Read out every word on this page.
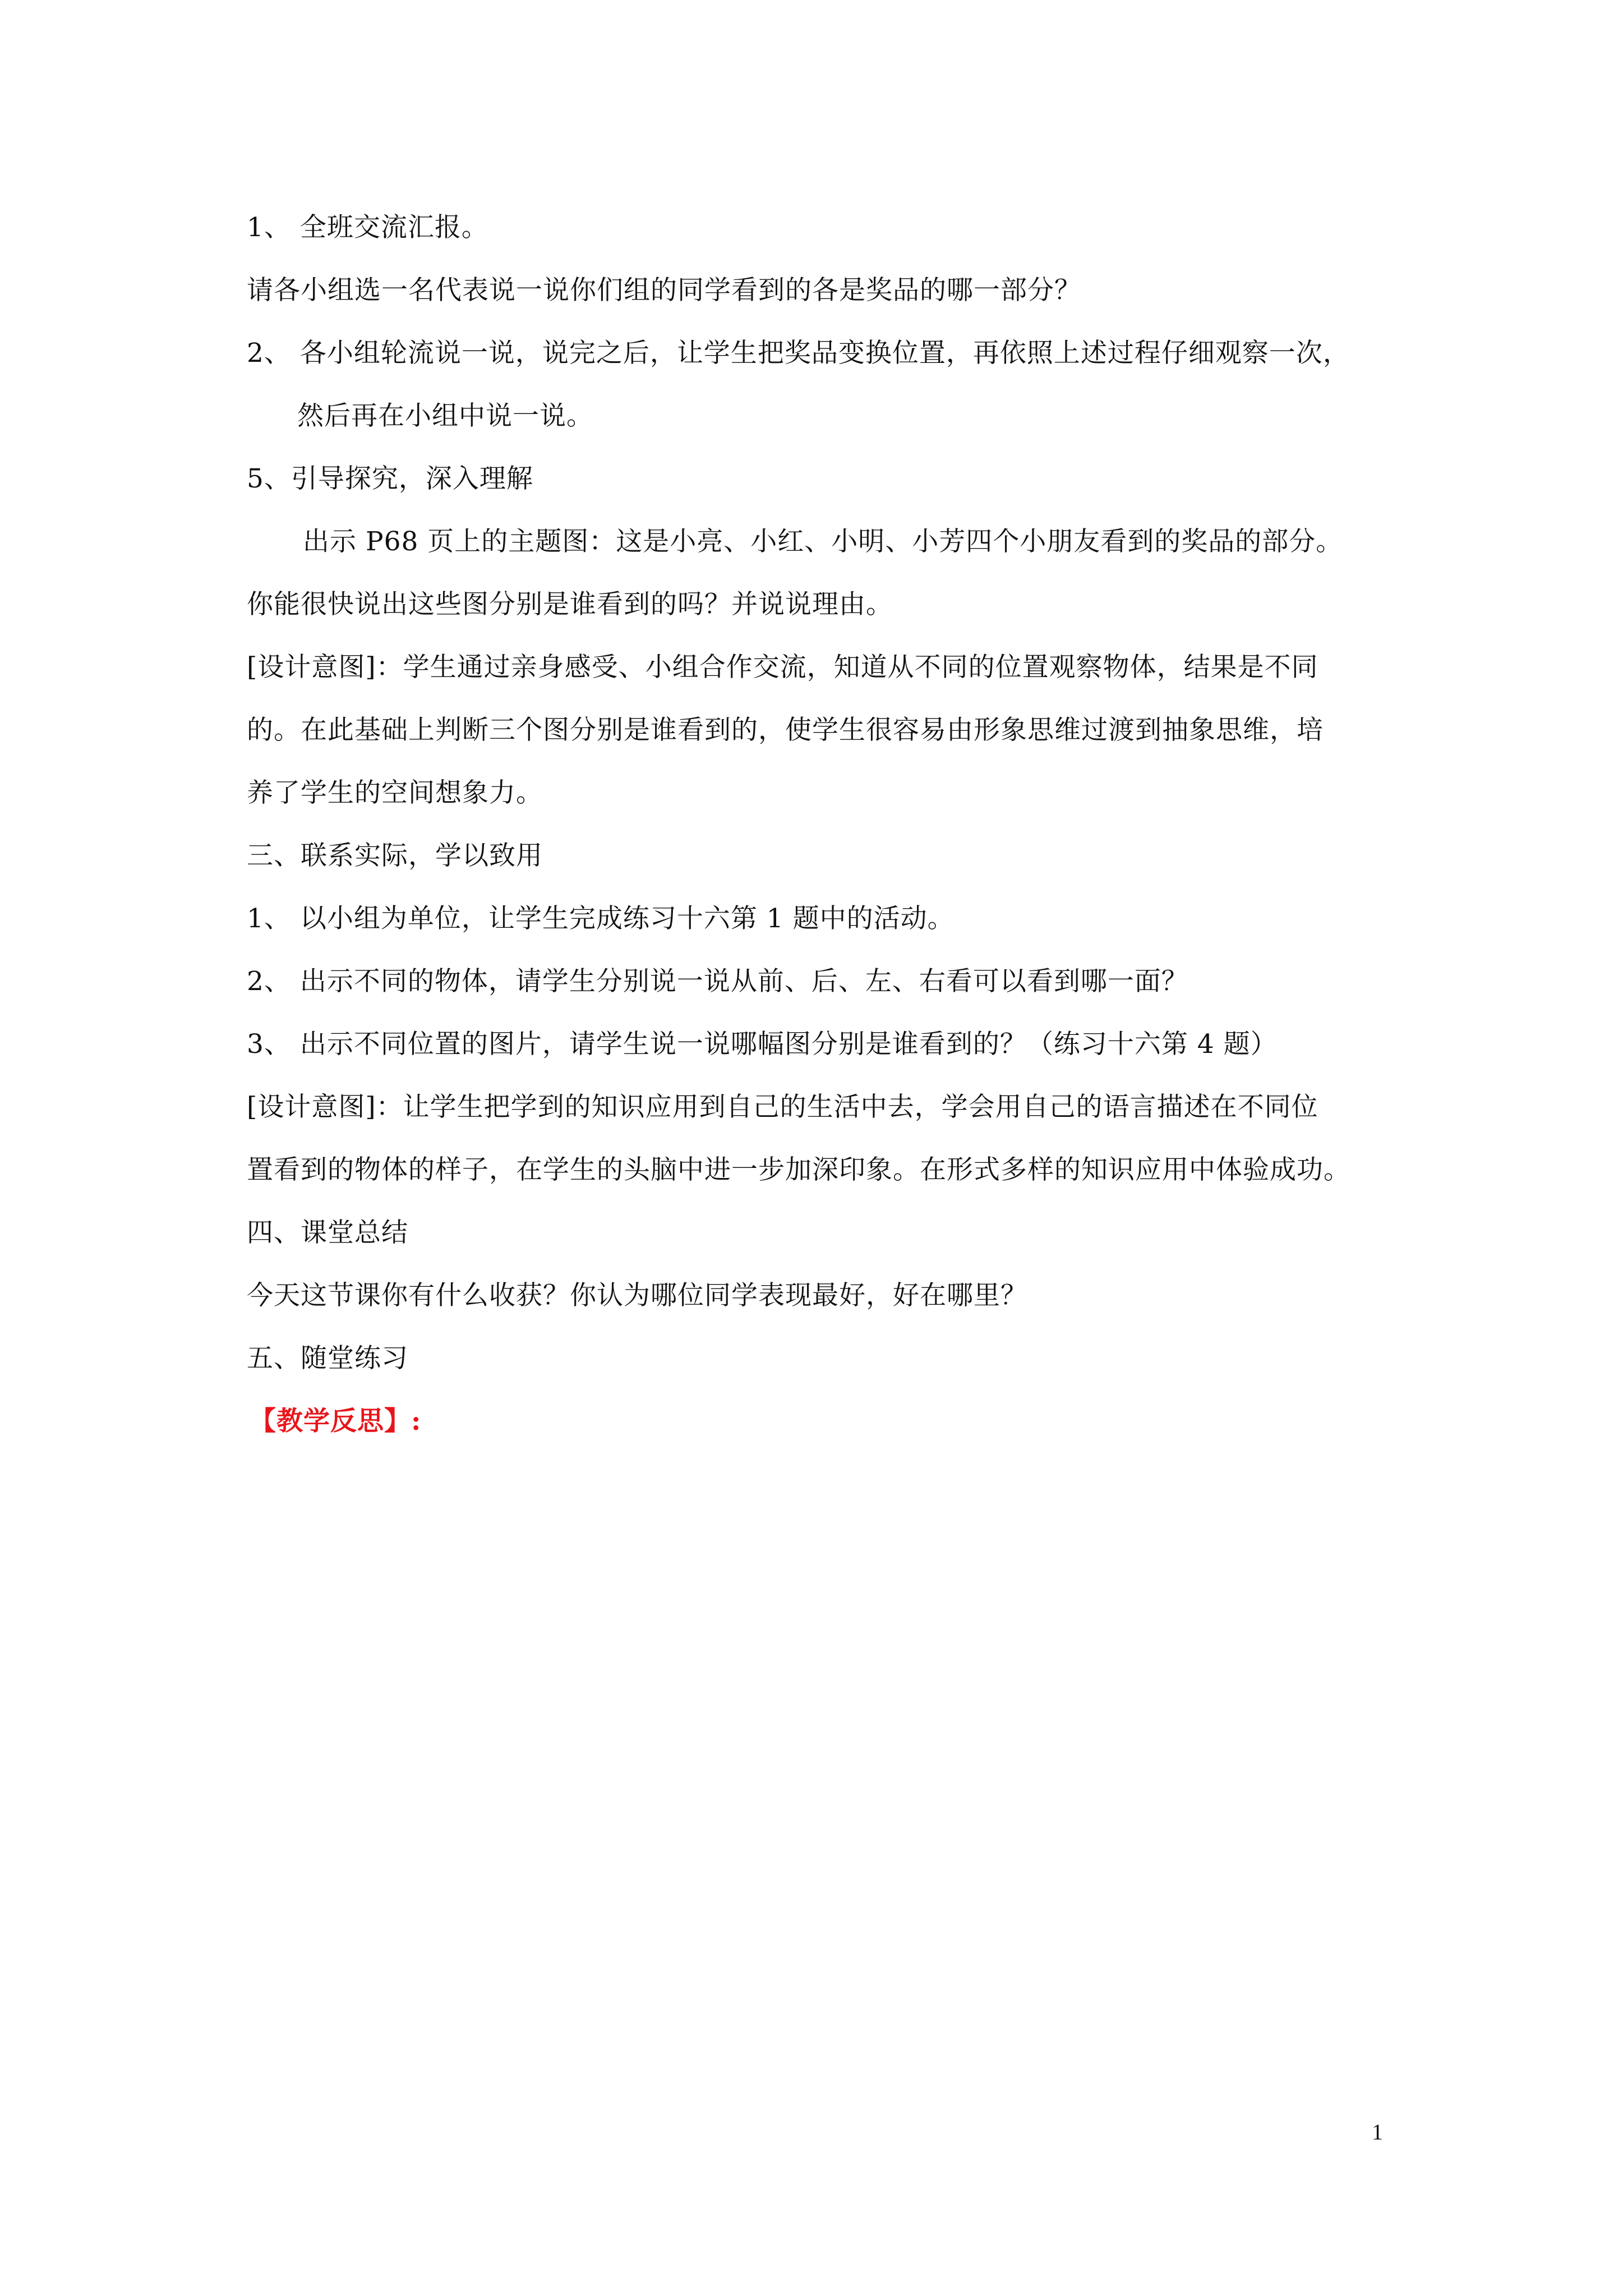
1、 全班交流汇报。
请各小组选一名代表说一说你们组的同学看到的各是奖品的哪一部分？
2、 各小组轮流说一说，说完之后，让学生把奖品变换位置，再依照上述过程仔细观察一次，
然后再在小组中说一说。
5、引导探究，深入理解
出示 P68 页上的主题图：这是小亮、小红、小明、小芳四个小朋友看到的奖品的部分。
你能很快说出这些图分别是谁看到的吗？并说说理由。
[设计意图]：学生通过亲身感受、小组合作交流，知道从不同的位置观察物体，结果是不同
的。在此基础上判断三个图分别是谁看到的，使学生很容易由形象思维过渡到抽象思维，培
养了学生的空间想象力。
三、联系实际，学以致用
1、 以小组为单位，让学生完成练习十六第 1 题中的活动。
2、 出示不同的物体，请学生分别说一说从前、后、左、右看可以看到哪一面？
3、 出示不同位置的图片，请学生说一说哪幅图分别是谁看到的？（练习十六第 4 题）
[设计意图]：让学生把学到的知识应用到自己的生活中去，学会用自己的语言描述在不同位
置看到的物体的样子，在学生的头脑中进一步加深印象。在形式多样的知识应用中体验成功。
四、课堂总结
今天这节课你有什么收获？你认为哪位同学表现最好，好在哪里？
五、随堂练习
【教学反思】:
1
